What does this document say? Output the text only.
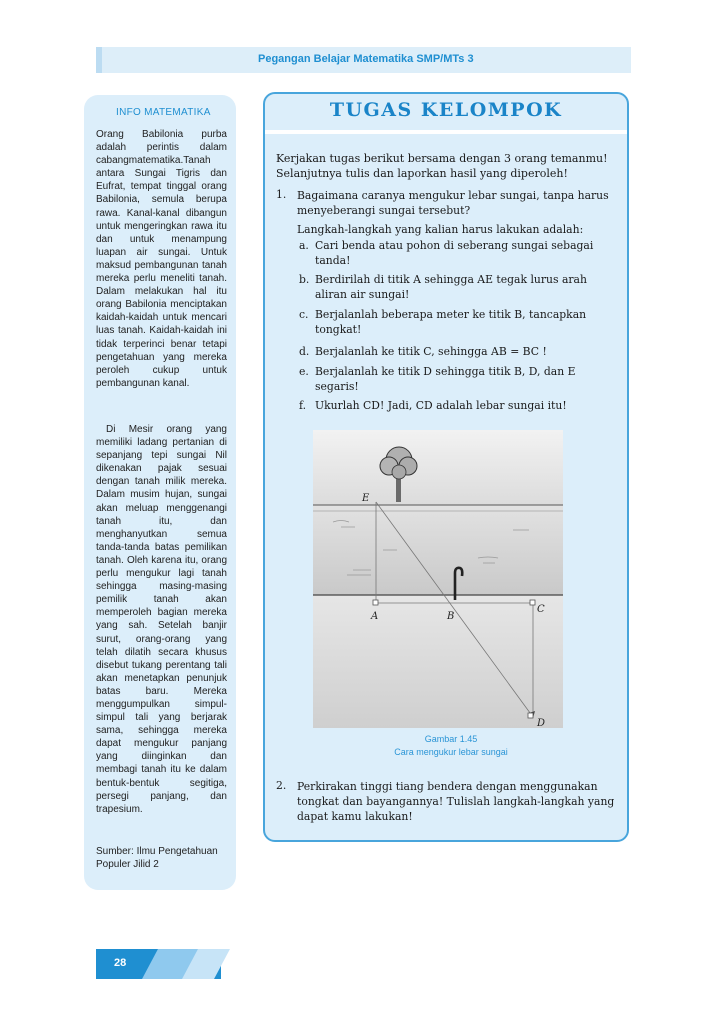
Pegangan Belajar Matematika SMP/MTs 3
INFO MATEMATIKA

Orang Babilonia purba adalah perintis dalam cabangmatematika.Tanah antara Sungai Tigris dan Eufrat, tempat tinggal orang Babilonia, semula berupa rawa. Kanal-kanal dibangun untuk mengeringkan rawa itu dan untuk menampung luapan air sungai. Untuk maksud pembangunan tanah mereka perlu meneliti tanah. Dalam melakukan hal itu orang Babilonia menciptakan kaidah-kaidah untuk mencari luas tanah. Kaidah-kaidah ini tidak terperinci benar tetapi pengetahuan yang mereka peroleh cukup untuk pembangunan kanal.

Di Mesir orang yang memiliki ladang pertanian di sepanjang tepi sungai Nil dikenakan pajak sesuai dengan tanah milik mereka. Dalam musim hujan, sungai akan meluap menggenangi tanah itu, dan menghanyutkan semua tanda-tanda batas pemilikan tanah. Oleh karena itu, orang perlu mengukur lagi tanah sehingga masing-masing pemilik tanah akan memperoleh bagian mereka yang sah. Setelah banjir surut, orang-orang yang telah dilatih secara khusus disebut tukang perentang tali akan menetapkan penunjuk batas baru. Mereka menggumpulkan simpul-simpul tali yang berjarak sama, sehingga mereka dapat mengukur panjang yang diinginkan dan membagi tanah itu ke dalam bentuk-bentuk segitiga, persegi panjang, dan trapesium.

Sumber: Ilmu Pengetahuan Populer Jilid 2

TUGAS KELOMPOK
Kerjakan tugas berikut bersama dengan 3 orang temanmu! Selanjutnya tulis dan laporkan hasil yang diperoleh!
1. Bagaimana caranya mengukur lebar sungai, tanpa harus menyeberangi sungai tersebut?
Langkah-langkah yang kalian harus lakukan adalah:
a. Cari benda atau pohon di seberang sungai sebagai tanda!
b. Berdirilah di titik A sehingga AE tegak lurus arah aliran air sungai!
c. Berjalanlah beberapa meter ke titik B, tancapkan tongkat!
d. Berjalanlah ke titik C, sehingga AB = BC !
e. Berjalanlah ke titik D sehingga titik B, D, dan E segaris!
f. Ukurlah CD! Jadi, CD adalah lebar sungai itu!
E
A	B
C
D
Gambar 1.45
Cara mengukur lebar sungai
2. Perkirakan tinggi tiang bendera dengan menggunakan tongkat dan bayangannya! Tulislah langkah-langkah yang dapat kamu lakukan!
28
